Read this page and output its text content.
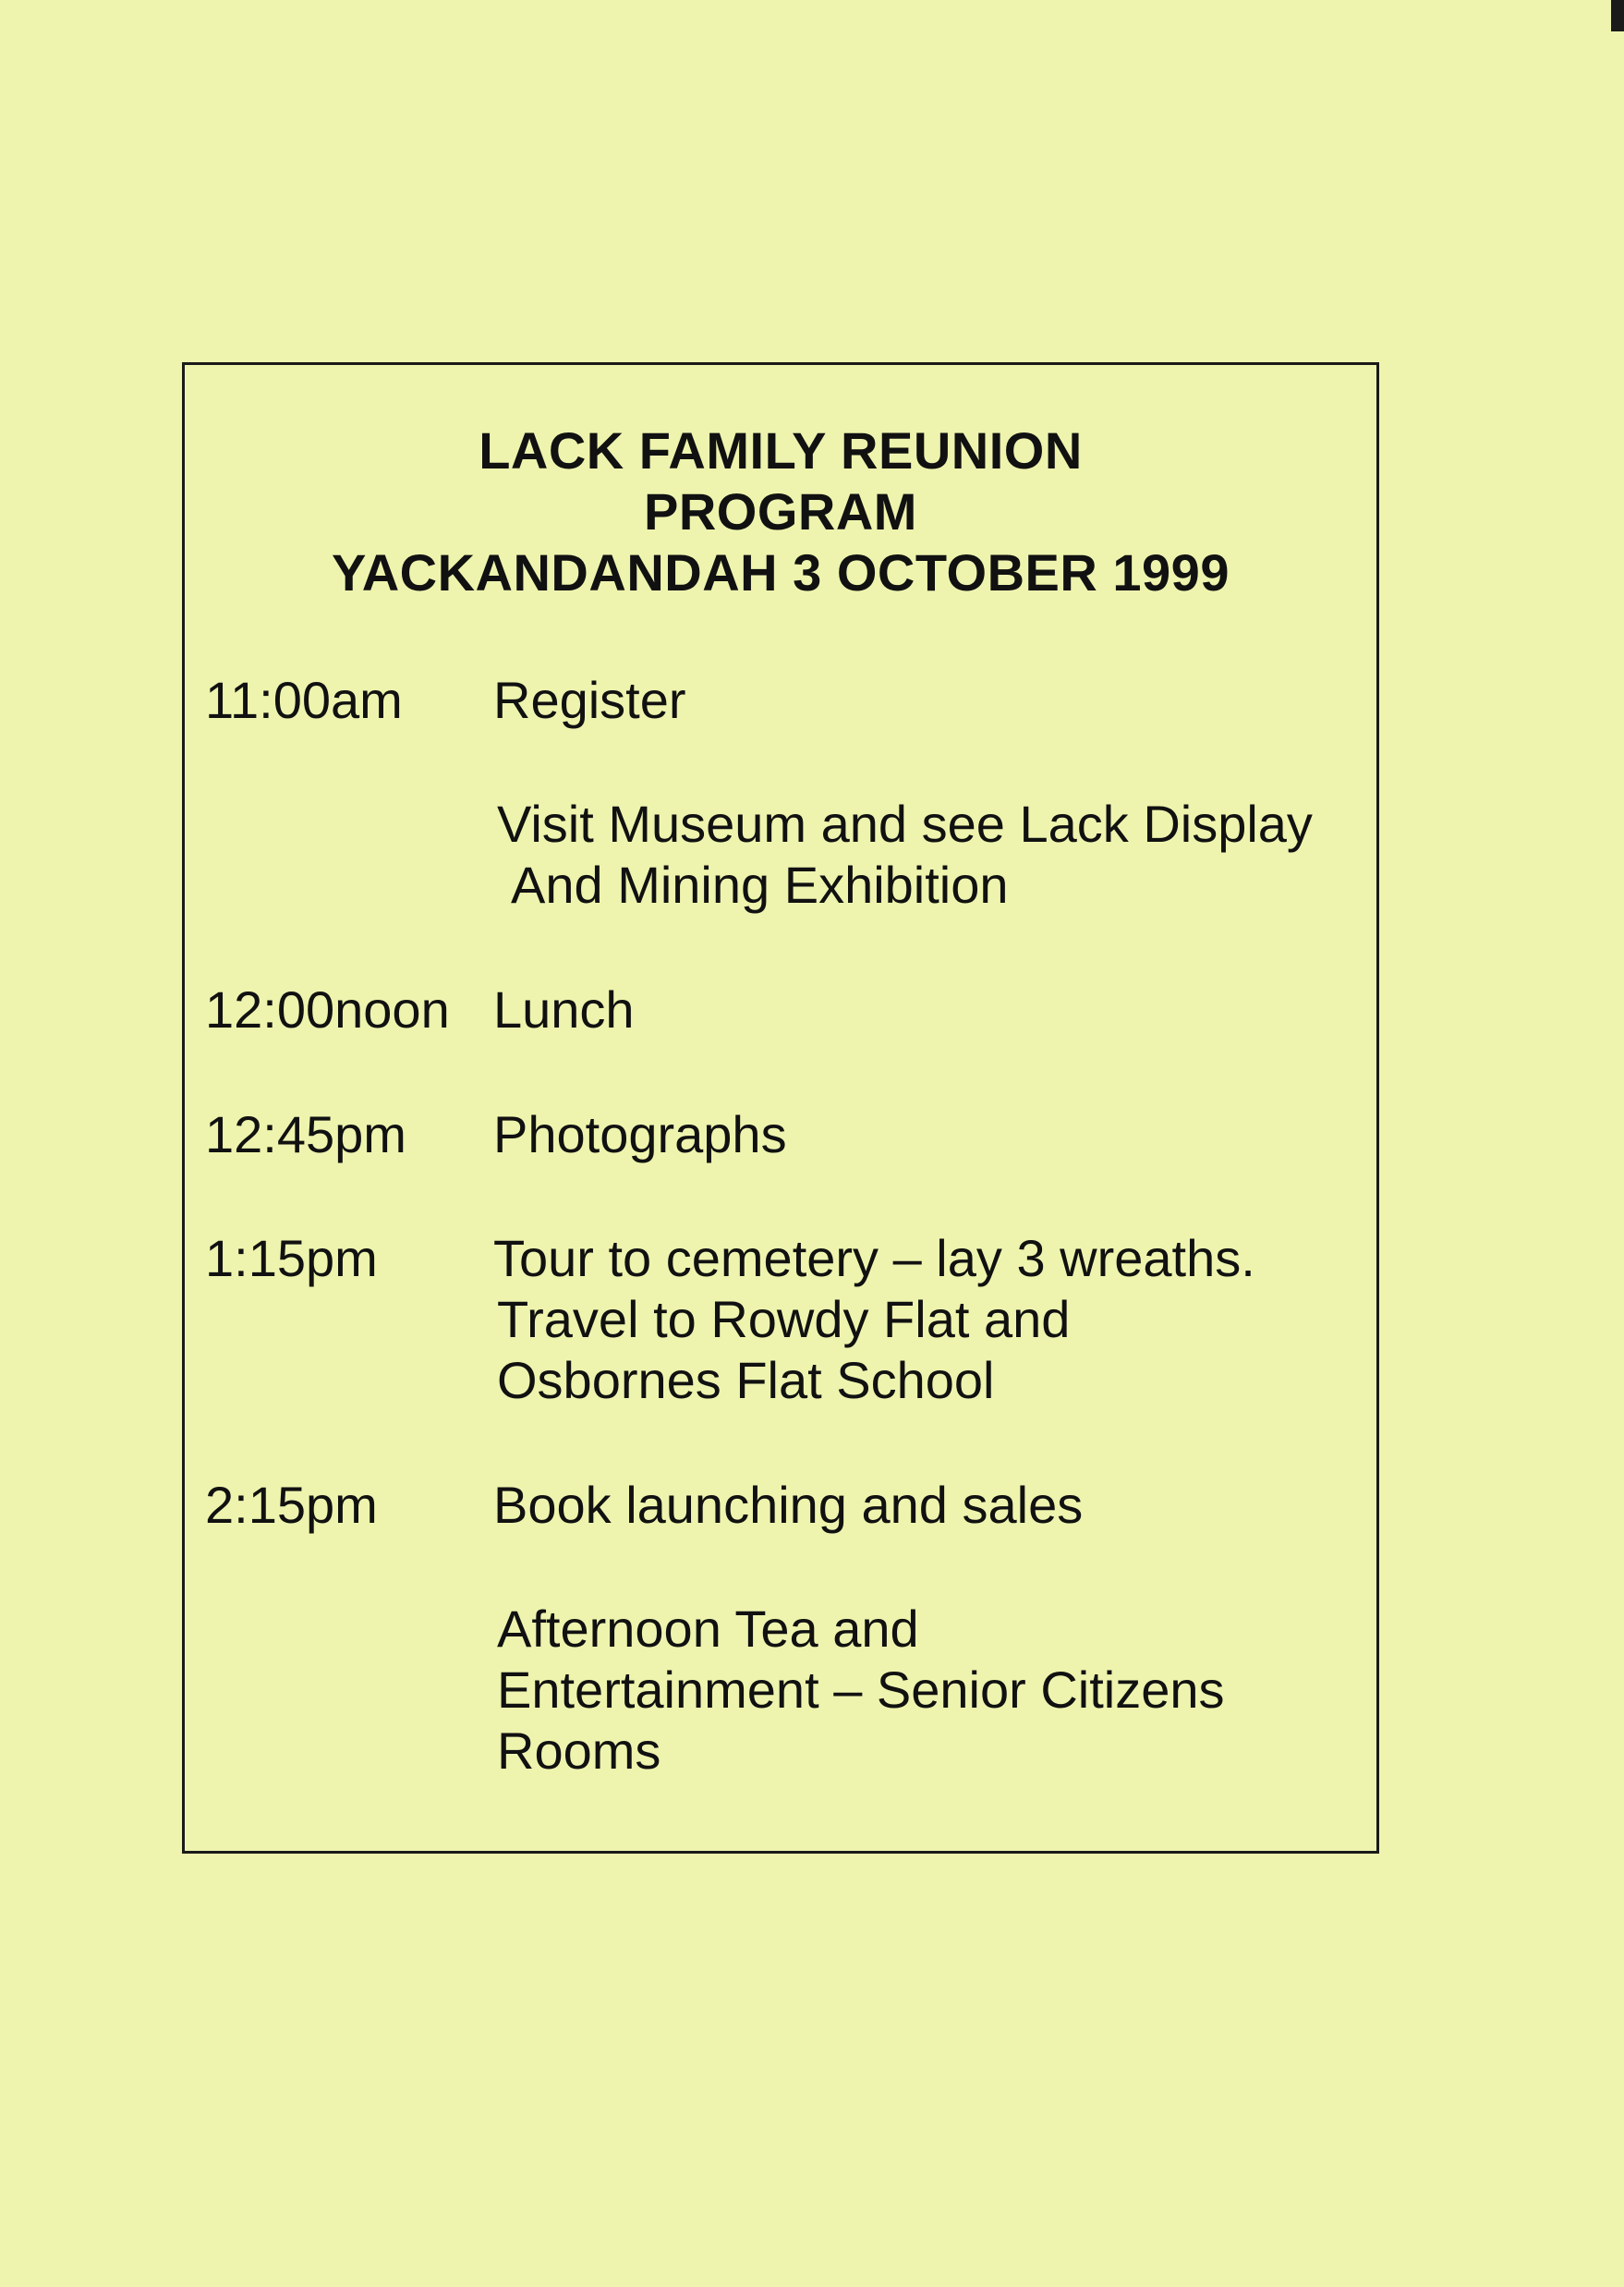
LACK FAMILY REUNION
PROGRAM
YACKANDANDAH 3 OCTOBER 1999
11:00am Register
Visit Museum and see Lack Display
And Mining Exhibition
12:00noon Lunch
12:45pm Photographs
1:15pm Tour to cemetery – lay 3 wreaths.
Travel to Rowdy Flat and
Osbornes Flat School
2:15pm Book launching and sales
Afternoon Tea and
Entertainment – Senior Citizens
Rooms
